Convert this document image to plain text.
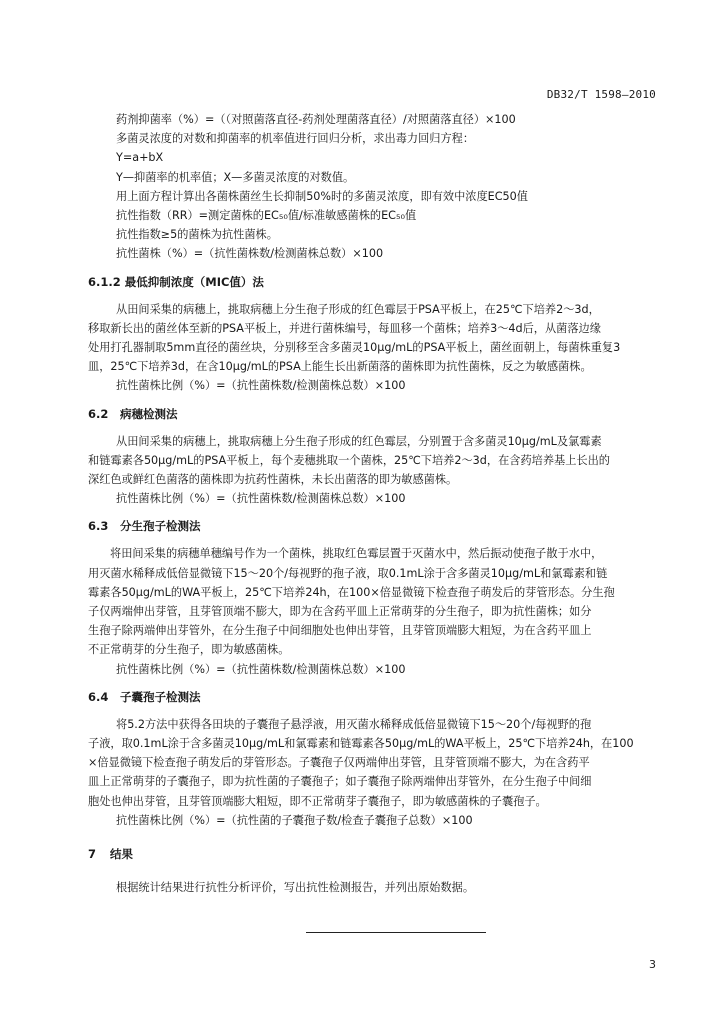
DB32/T 1598—2010

药剂抑菌率（%）=（（对照菌落直径-药剂处理菌落直径）/对照菌落直径）×100

多菌灵浓度的对数和抑菌率的机率值进行回归分析，求出毒力回归方程：

Y=a+bX

Y—抑菌率的机率值；X—多菌灵浓度的对数值。

用上面方程计算出各菌株菌丝生长抑制50%时的多菌灵浓度，即有效中浓度EC50值

抗性指数（RR）=测定菌株的EC₅₀值/标准敏感菌株的EC₅₀值

抗性指数≥5的菌株为抗性菌株。

抗性菌株（%）=（抗性菌株数/检测菌株总数）×100

6.1.2 最低抑制浓度（MIC值）法

从田间采集的病穗上，挑取病穗上分生孢子形成的红色霉层于PSA平板上，在25℃下培养2～3d，

移取新长出的菌丝体至新的PSA平板上，并进行菌株编号，每皿移一个菌株；培养3～4d后，从菌落边缘

处用打孔器制取5mm直径的菌丝块，分别移至含多菌灵10μg/mL的PSA平板上，菌丝面朝上，每菌株重复3

皿，25℃下培养3d，在含10μg/mL的PSA上能生长出新菌落的菌株即为抗性菌株，反之为敏感菌株。

抗性菌株比例（%）=（抗性菌株数/检测菌株总数）×100

6.2 病穗检测法

从田间采集的病穗上，挑取病穗上分生孢子形成的红色霉层，分别置于含多菌灵10μg/mL及氯霉素

和链霉素各50μg/mL的PSA平板上，每个麦穗挑取一个菌株，25℃下培养2～3d，在含药培养基上长出的

深红色或鲜红色菌落的菌株即为抗药性菌株，未长出菌落的即为敏感菌株。

抗性菌株比例（%）=（抗性菌株数/检测菌株总数）×100

6.3 分生孢子检测法

将田间采集的病穗单穗编号作为一个菌株，挑取红色霉层置于灭菌水中，然后振动使孢子散于水中，

用灭菌水稀释成低倍显微镜下15～20个/每视野的孢子液，取0.1mL涂于含多菌灵10μg/mL和氯霉素和链

霉素各50μg/mL的WA平板上，25℃下培养24h，在100×倍显微镜下检查孢子萌发后的芽管形态。分生孢

子仅两端伸出芽管，且芽管顶端不膨大，即为在含药平皿上正常萌芽的分生孢子，即为抗性菌株；如分

生孢子除两端伸出芽管外，在分生孢子中间细胞处也伸出芽管，且芽管顶端膨大粗短，为在含药平皿上

不正常萌芽的分生孢子，即为敏感菌株。

抗性菌株比例（%）=（抗性菌株数/检测菌株总数）×100

6.4 子囊孢子检测法

将5.2方法中获得各田块的子囊孢子悬浮液，用灭菌水稀释成低倍显微镜下15～20个/每视野的孢

子液，取0.1mL涂于含多菌灵10μg/mL和氯霉素和链霉素各50μg/mL的WA平板上，25℃下培养24h，在100

×倍显微镜下检查孢子萌发后的芽管形态。子囊孢子仅两端伸出芽管，且芽管顶端不膨大，为在含药平

皿上正常萌芽的子囊孢子，即为抗性菌的子囊孢子；如子囊孢子除两端伸出芽管外，在分生孢子中间细

胞处也伸出芽管，且芽管顶端膨大粗短，即不正常萌芽子囊孢子，即为敏感菌株的子囊孢子。

抗性菌株比例（%）=（抗性菌的子囊孢子数/检查子囊孢子总数）×100

7 结果

根据统计结果进行抗性分析评价，写出抗性检测报告，并列出原始数据。

3
